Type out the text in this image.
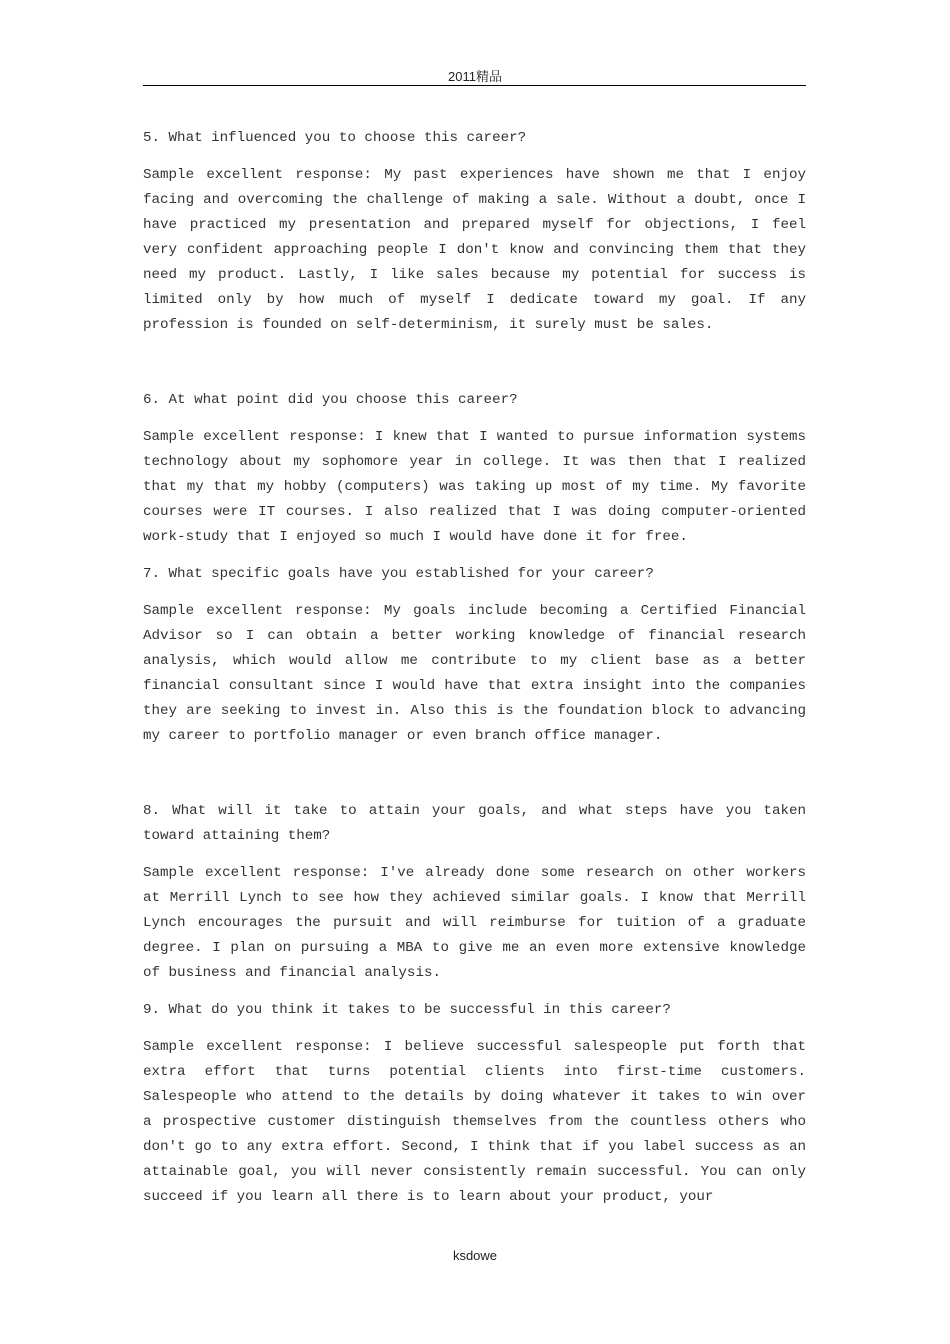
2011精品

5. What influenced you to choose this career?

Sample excellent response: My past experiences have shown me that I enjoy facing and overcoming the challenge of making a sale. Without a doubt, once I have practiced my presentation and prepared myself for objections, I feel very confident approaching people I don't know and convincing them that they need my product. Lastly, I like sales because my potential for success is limited only by how much of myself I dedicate toward my goal. If any profession is founded on self-determinism, it surely must be sales.

6. At what point did you choose this career?

Sample excellent response: I knew that I wanted to pursue information systems technology about my sophomore year in college. It was then that I realized that my that my hobby (computers) was taking up most of my time. My favorite courses were IT courses. I also realized that I was doing computer-oriented work-study that I enjoyed so much I would have done it for free.

7. What specific goals have you established for your career?

Sample excellent response: My goals include becoming a Certified Financial Advisor so I can obtain a better working knowledge of financial research analysis, which would allow me contribute to my client base as a better financial consultant since I would have that extra insight into the companies they are seeking to invest in. Also this is the foundation block to advancing my career to portfolio manager or even branch office manager.

8. What will it take to attain your goals, and what steps have you taken toward attaining them?

Sample excellent response: I've already done some research on other workers at Merrill Lynch to see how they achieved similar goals. I know that Merrill Lynch encourages the pursuit and will reimburse for tuition of a graduate degree. I plan on pursuing a MBA to give me an even more extensive knowledge of business and financial analysis.

9. What do you think it takes to be successful in this career?

Sample excellent response: I believe successful salespeople put forth that extra effort that turns potential clients into first-time customers. Salespeople who attend to the details by doing whatever it takes to win over a prospective customer distinguish themselves from the countless others who don't go to any extra effort. Second, I think that if you label success as an attainable goal, you will never consistently remain successful. You can only succeed if you learn all there is to learn about your product, your

ksdowe
